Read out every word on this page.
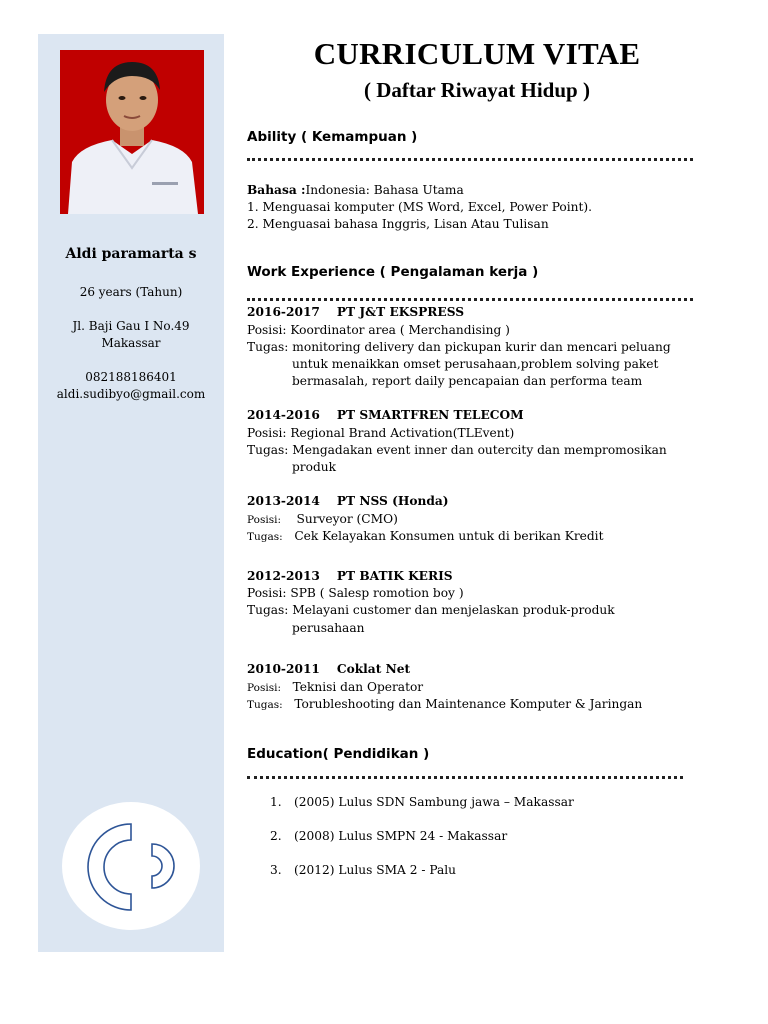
Aldi paramarta s
26 years (Tahun)
Jl. Baji Gau I No.49
Makassar
082188186401
aldi.sudibyo@gmail.com
CURRICULUM VITAE
( Daftar Riwayat Hidup )
Ability ( Kemampuan )
Bahasa :Indonesia: Bahasa Utama
1. Menguasai komputer (MS Word, Excel, Power Point).
2. Menguasai bahasa Inggris, Lisan Atau Tulisan
Work Experience ( Pengalaman kerja )
2016-2017 PT J&T EKSPRESS
Posisi: Koordinator area ( Merchandising )
Tugas: monitoring delivery dan pickupan kurir dan mencari peluang
untuk menaikkan omset perusahaan,problem solving paket
bermasalah, report daily pencapaian dan performa team
2014-2016 PT SMARTFREN TELECOM
Posisi: Regional Brand Activation(TLEvent)
Tugas: Mengadakan event inner dan outercity dan mempromosikan
produk
2013-2014 PT NSS (Honda)
Posisi: Surveyor (CMO)
Tugas: Cek Kelayakan Konsumen untuk di berikan Kredit
2012-2013 PT BATIK KERIS
Posisi: SPB ( Salesp romotion boy )
Tugas: Melayani customer dan menjelaskan produk-produk
perusahaan
2010-2011 Coklat Net
Posisi: Teknisi dan Operator
Tugas: Torubleshooting dan Maintenance Komputer & Jaringan
Education( Pendidikan )
1. (2005) Lulus SDN Sambung jawa – Makassar
2. (2008) Lulus SMPN 24 - Makassar
3. (2012) Lulus SMA 2 - Palu
